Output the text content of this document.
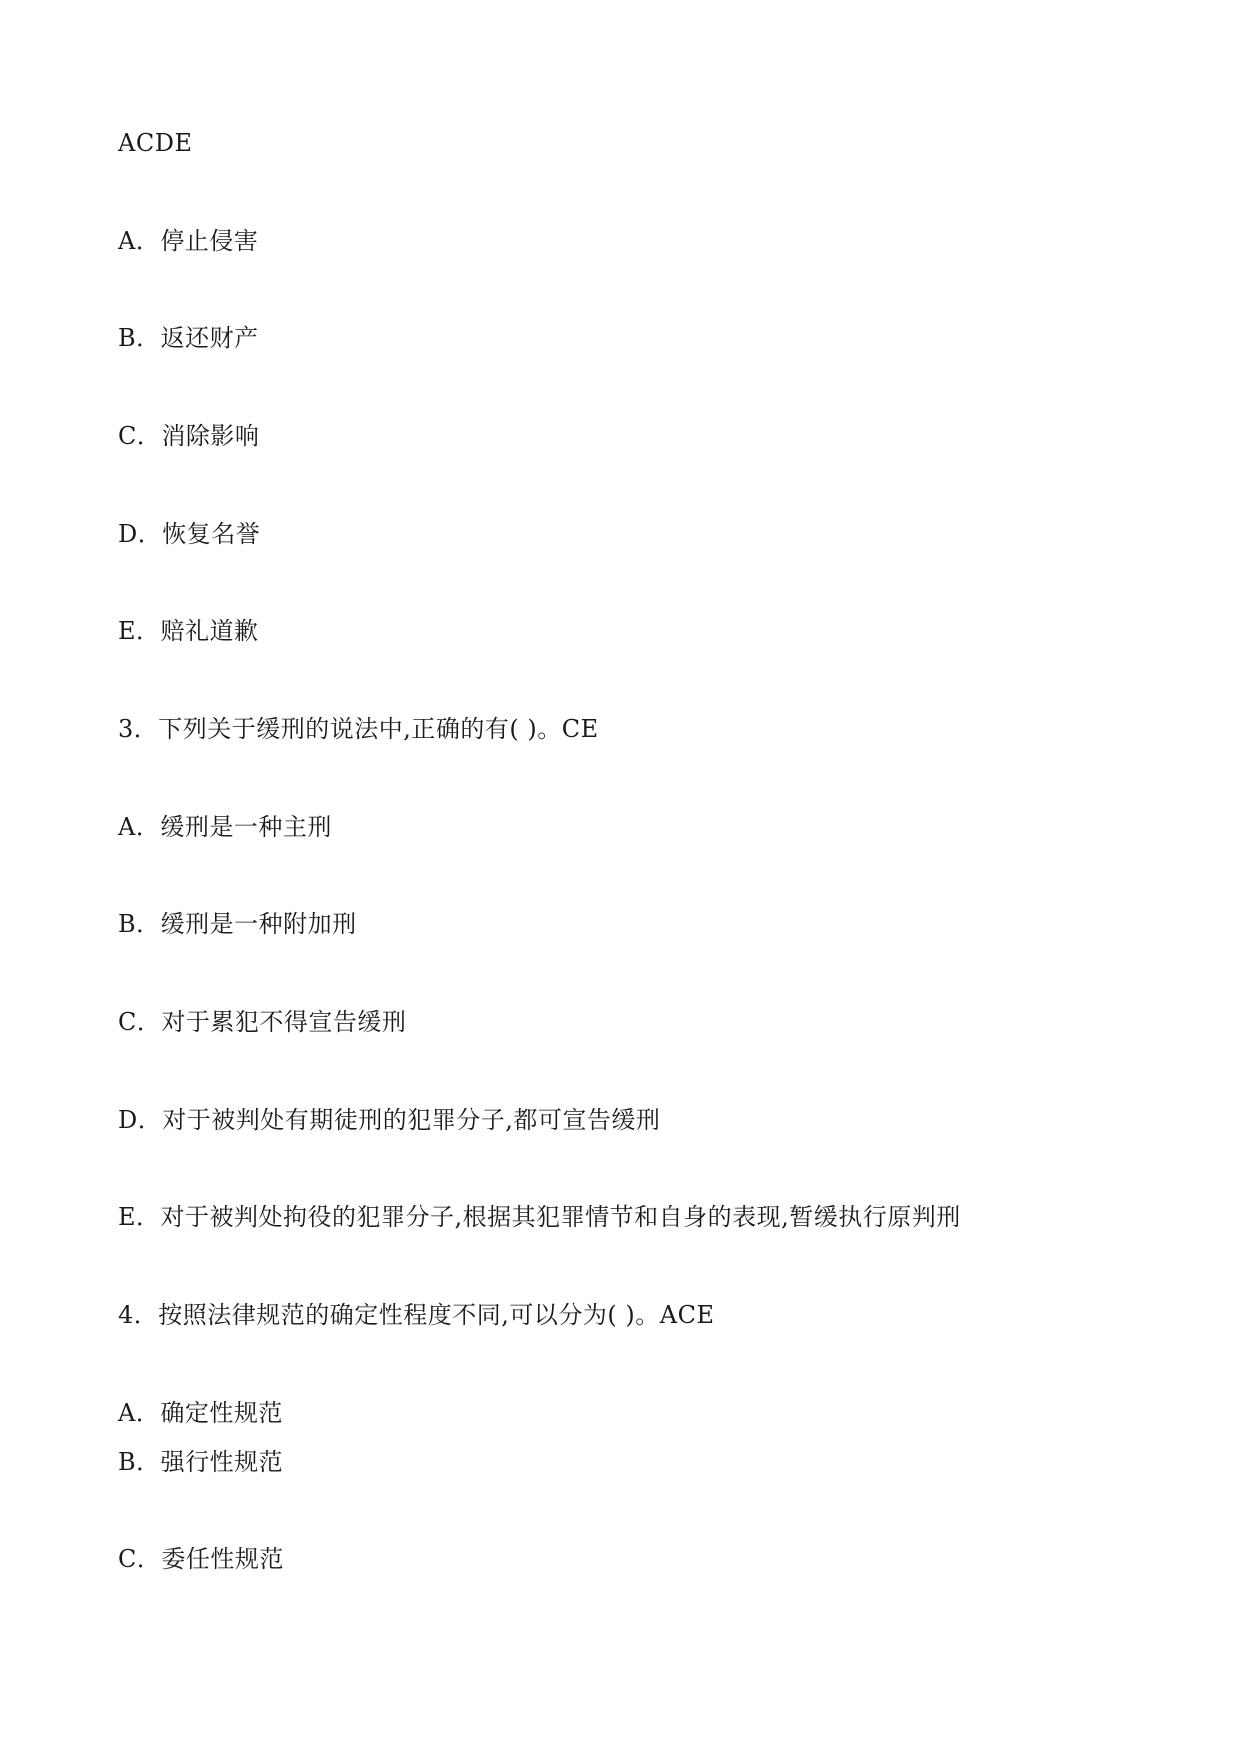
ACDE
A．停止侵害
B．返还财产
C．消除影响
D．恢复名誉
E．赔礼道歉
3．下列关于缓刑的说法中,正确的有( )。CE
A．缓刑是一种主刑
B．缓刑是一种附加刑
C．对于累犯不得宣告缓刑
D．对于被判处有期徒刑的犯罪分子,都可宣告缓刑
E．对于被判处拘役的犯罪分子,根据其犯罪情节和自身的表现,暂缓执行原判刑
4．按照法律规范的确定性程度不同,可以分为( )。ACE
A．确定性规范
B．强行性规范
C．委任性规范
